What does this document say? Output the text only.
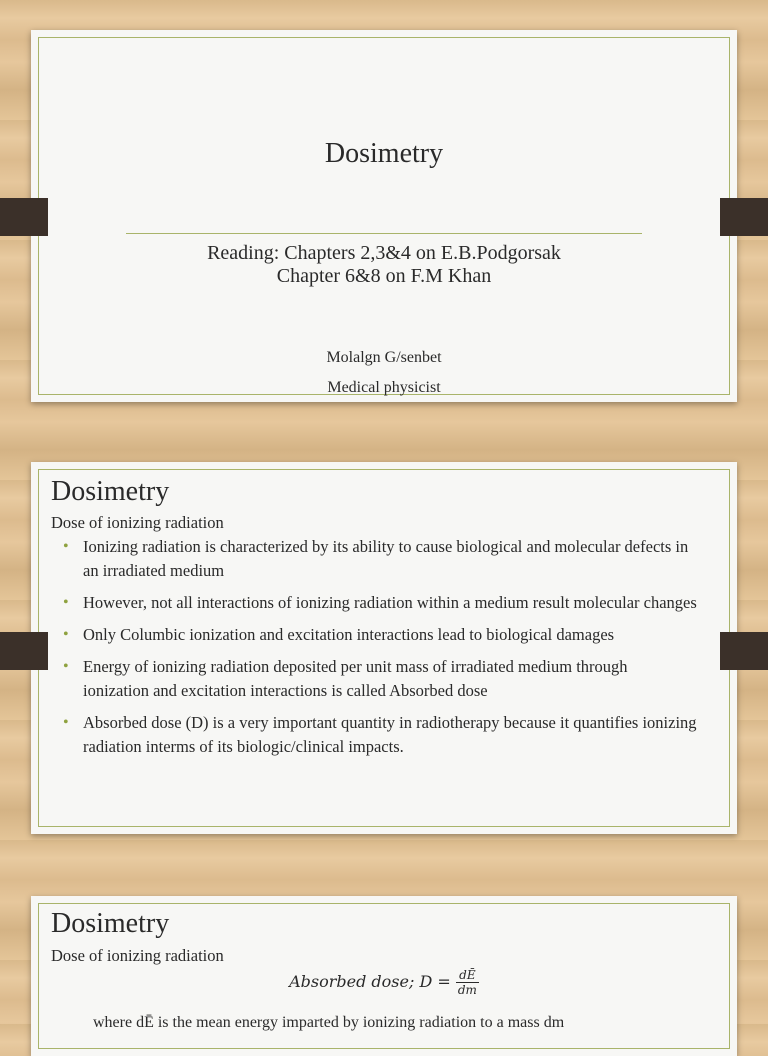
Dosimetry
Reading: Chapters 2,3&4 on E.B.Podgorsak
Chapter 6&8 on F.M Khan
Molalgn G/senbet
Medical physicist
Dosimetry
Dose of ionizing radiation
• Ionizing radiation is characterized by its ability to cause biological and molecular defects in an irradiated medium
• However, not all interactions of ionizing radiation within a medium result molecular changes
• Only Columbic ionization and excitation interactions lead to biological damages
• Energy of ionizing radiation deposited per unit mass of irradiated medium through ionization and excitation interactions is called Absorbed dose
• Absorbed dose (D) is a very important quantity in radiotherapy because it quantifies ionizing radiation interms of its biologic/clinical impacts.
Dosimetry
Dose of ionizing radiation
Absorbed dose; $D = \frac{dĒ}{dm}$
where dĒ is the mean energy imparted by ionizing radiation to a mass dm
